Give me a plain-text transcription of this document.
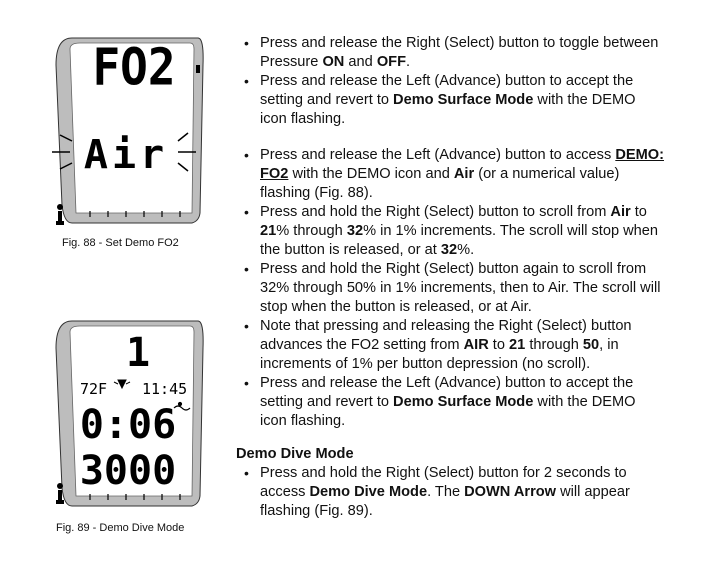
FO2
Air
Fig. 88 - Set Demo FO2
1
72F 11:45
0:06
3000
Fig. 89 - Demo Dive Mode
• Press and release the Right (Select) button to toggle between Pressure ON and OFF.
• Press and release the Left (Advance) button to accept the setting and revert to Demo Surface Mode with the DEMO icon flashing.
• Press and release the Left (Advance) button to access DEMO: FO2 with the DEMO icon and Air (or a numerical value) flashing (Fig. 88).
• Press and hold the Right (Select) button to scroll from Air to 21% through 32% in 1% increments. The scroll will stop when the button is released, or at 32%.
• Press and hold the Right (Select) button again to scroll from 32% through 50% in 1% increments, then to Air. The scroll will stop when the button is released, or at Air.
• Note that pressing and releasing the Right (Select) button advances the FO2 setting from AIR to 21 through 50, in increments of 1% per button depression (no scroll).
• Press and release the Left (Advance) button to accept the setting and revert to Demo Surface Mode with the DEMO icon flashing.
Demo Dive Mode
• Press and hold the Right (Select) button for 2 seconds to access Demo Dive Mode. The DOWN Arrow will appear flashing (Fig. 89).
